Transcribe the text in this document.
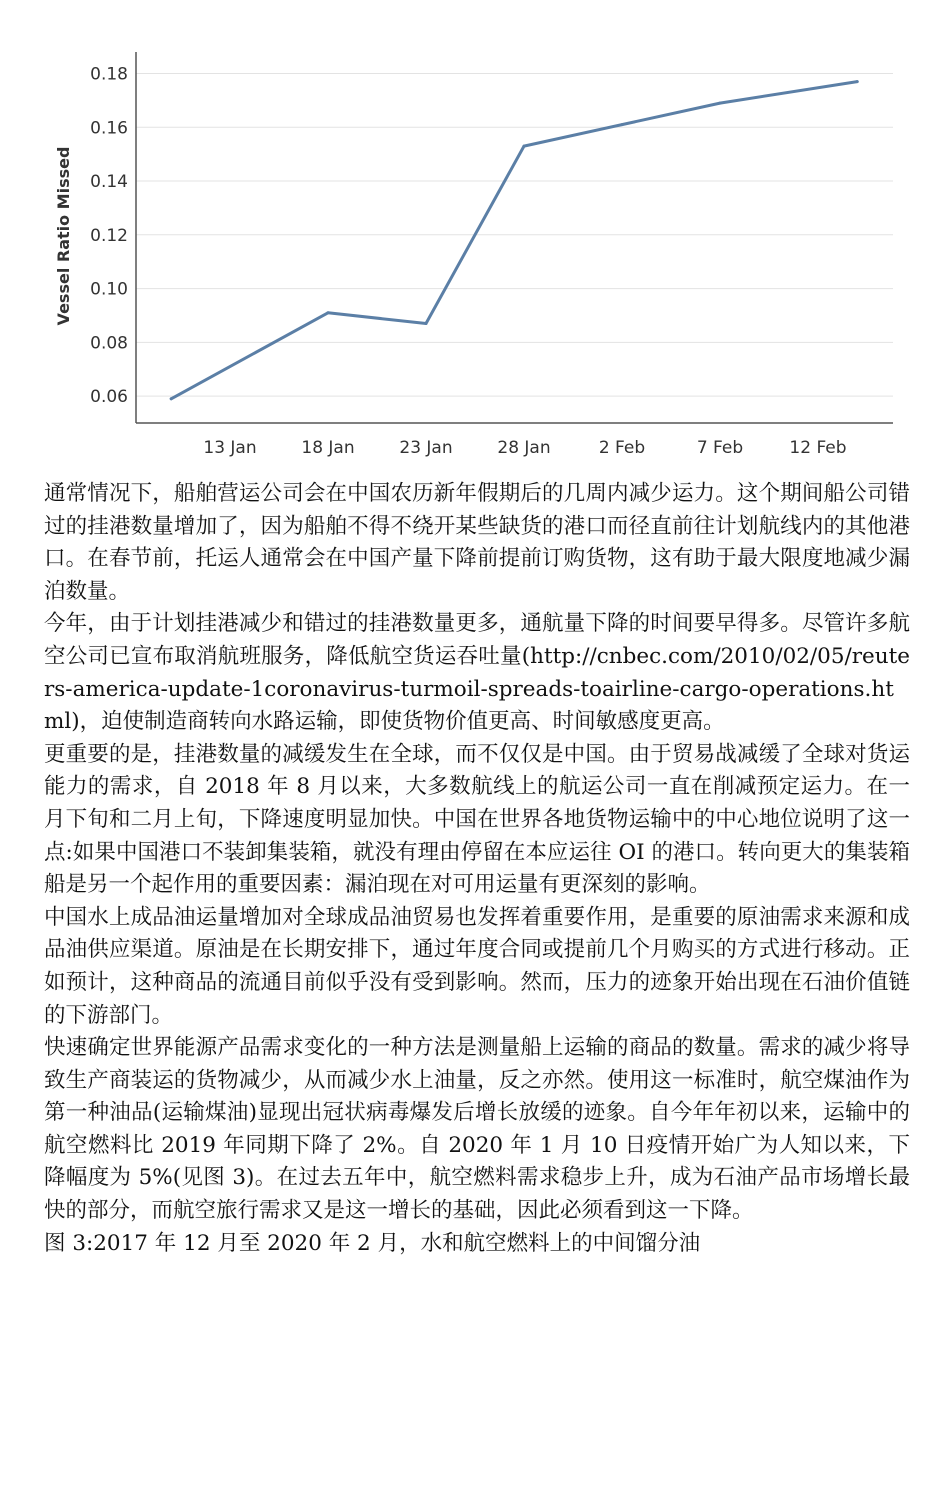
0.06
0.08
0.10
0.12
0.14
0.16
0.18
13 Jan	18 Jan	23 Jan	28 Jan	2 Feb	7 Feb	12 Feb
Vessel Ratio Missed

通常情况下，船舶营运公司会在中国农历新年假期后的几周内减少运力。这个期间船公司错过的挂港数量增加了，因为船舶不得不绕开某些缺货的港口而径直前往计划航线内的其他港口。在春节前，托运人通常会在中国产量下降前提前订购货物，这有助于最大限度地减少漏泊数量。

今年，由于计划挂港减少和错过的挂港数量更多，通航量下降的时间要早得多。尽管许多航空公司已宣布取消航班服务，降低航空货运吞吐量(http://cnbec.com/2010/02/05/reuters-america-update-1coronavirus-turmoil-spreads-toairline-cargo-operations.html)，迫使制造商转向水路运输，即使货物价值更高、时间敏感度更高。

更重要的是，挂港数量的减缓发生在全球，而不仅仅是中国。由于贸易战减缓了全球对货运能力的需求，自 2018 年 8 月以来，大多数航线上的航运公司一直在削减预定运力。在一月下旬和二月上旬，下降速度明显加快。中国在世界各地货物运输中的中心地位说明了这一点:如果中国港口不装卸集装箱，就没有理由停留在本应运往 OI 的港口。转向更大的集装箱船是另一个起作用的重要因素：漏泊现在对可用运量有更深刻的影响。

中国水上成品油运量增加对全球成品油贸易也发挥着重要作用，是重要的原油需求来源和成品油供应渠道。原油是在长期安排下，通过年度合同或提前几个月购买的方式进行移动。正如预计，这种商品的流通目前似乎没有受到影响。然而，压力的迹象开始出现在石油价值链的下游部门。

快速确定世界能源产品需求变化的一种方法是测量船上运输的商品的数量。需求的减少将导致生产商装运的货物减少，从而减少水上油量，反之亦然。使用这一标准时，航空煤油作为第一种油品(运输煤油)显现出冠状病毒爆发后增长放缓的迹象。自今年年初以来，运输中的航空燃料比 2019 年同期下降了 2%。自 2020 年 1 月 10 日疫情开始广为人知以来，下降幅度为 5%(见图 3)。在过去五年中，航空燃料需求稳步上升，成为石油产品市场增长最快的部分，而航空旅行需求又是这一增长的基础，因此必须看到这一下降。

图 3:2017 年 12 月至 2020 年 2 月，水和航空燃料上的中间馏分油
